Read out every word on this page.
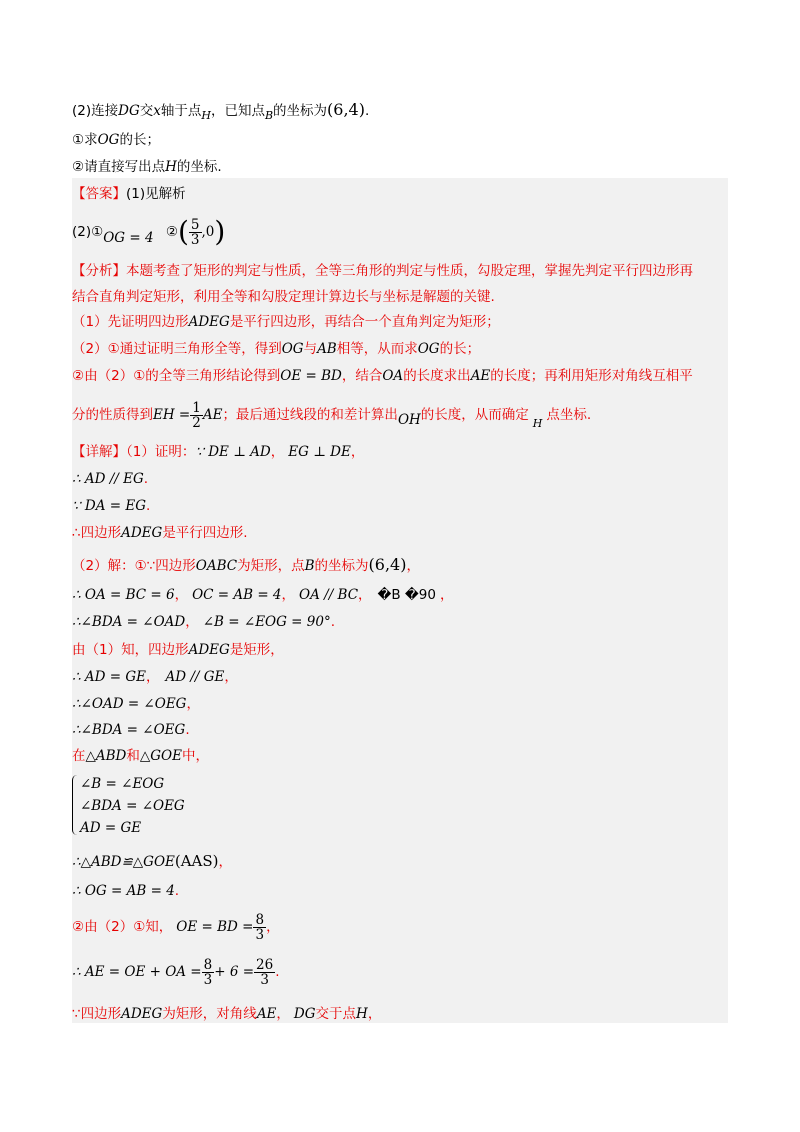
(2)连接DG交x轴于点$_H$，已知点$_B$的坐标为(6,4).
①求OG的长；
②请直接写出点H的坐标.
【答案】(1)见解析
(2)①OG = 4 ②( $\frac{5}{3} ,0$)
【分析】本题考查了矩形的判定与性质，全等三角形的判定与性质，勾股定理，掌握先判定平行四边形再
结合直角判定矩形，利用全等和勾股定理计算边长与坐标是解题的关键.
（1）先证明四边形ADEG是平行四边形，再结合一个直角判定为矩形；
（2）①通过证明三角形全等，得到OG与AB相等，从而求OG的长；
②由（2）①的全等三角形结论得到OE = BD，结合OA的长度求出AE的长度；再利用矩形对角线互相平
分的性质得到EH = $\frac{1}{2}$ AE；最后通过线段的和差计算出OH的长度，从而确定$_H$点坐标.
【详解】（1）证明：∵ DE ⊥ AD， EG ⊥ DE，
∴ AD // EG.
∵ DA = EG.
∴四边形ADEG是平行四边形.
（2）解：①∵四边形OABC为矩形，点B的坐标为(6,4)，
∴ OA = BC = 6， OC = AB = 4， OA // BC， �B �90 ，
∴∠BDA = ∠OAD， ∠B = ∠EOG = 90°.
由（1）知，四边形ADEG是矩形，
∴ AD = GE， AD // GE，
∴∠OAD = ∠OEG，
∴∠BDA = ∠OEG.
在△ABD和△GOE中，
∠B = ∠EOG
∠BDA = ∠OEG
AD = GE
∴△ABD≌△GOE(AAS)，
∴ OG = AB = 4.
②由（2）①知， OE = BD = $\frac{8}{3}$ ，
∴ AE = OE + OA = $\frac{8}{3} + 6 = \frac{26}{3}$ .
∵四边形ADEG为矩形，对角线AE， DG交于点H，
